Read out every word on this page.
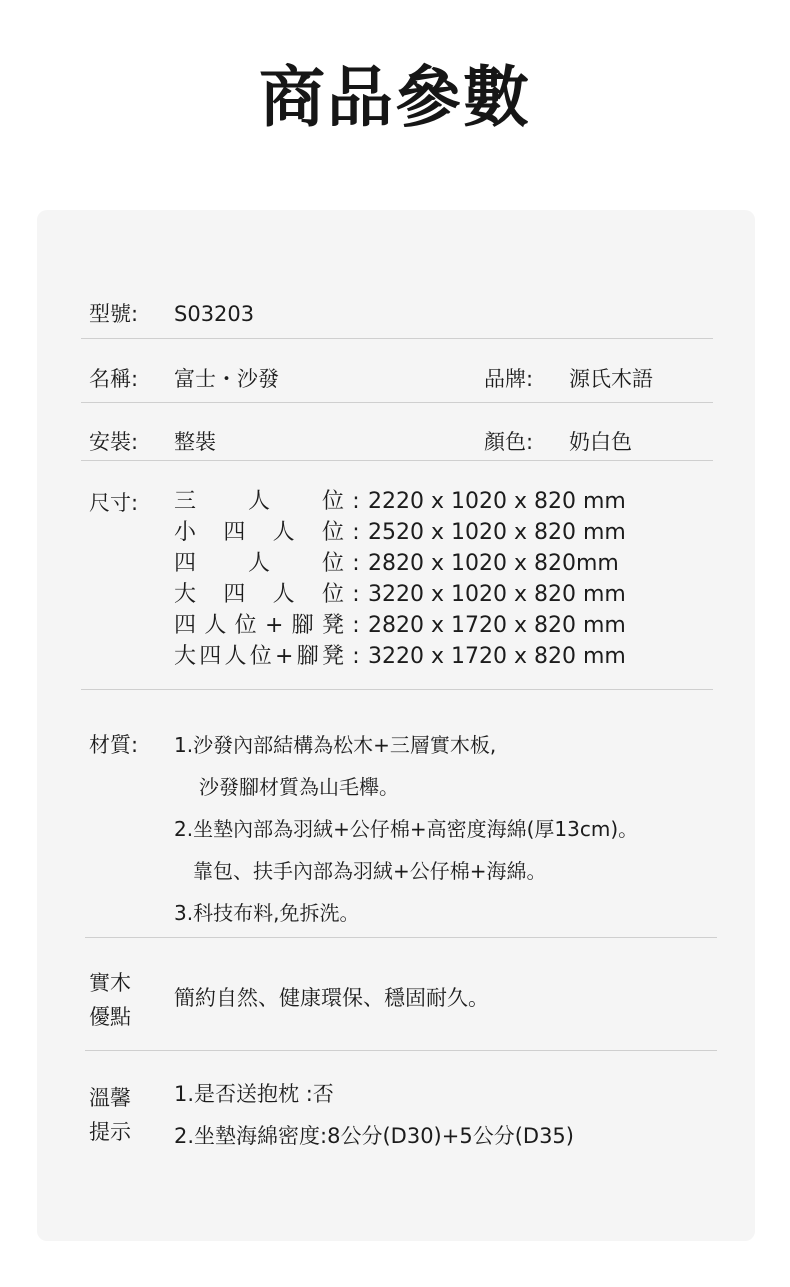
商品參數
型號: S03203
名稱: 富士・沙發	品牌: 源氏木語
安裝: 整裝	顏色: 奶白色
尺寸: 三人位 : 2220 x 1020 x 820 mm
小四人位 : 2520 x 1020 x 820 mm
四人位 : 2820 x 1020 x 820mm
大四人位 : 3220 x 1020 x 820 mm
四人位+腳凳 : 2820 x 1720 x 820 mm
大四人位+腳凳 : 3220 x 1720 x 820 mm
材質: 1.沙發內部結構為松木+三層實木板,
沙發腳材質為山毛櫸。
2.坐墊內部為羽絨+公仔棉+高密度海綿(厚13cm)。
靠包、扶手內部為羽絨+公仔棉+海綿。
3.科技布料,免拆洗。
實木
優點
簡約自然、健康環保、穩固耐久。
溫馨
提示
1.是否送抱枕 :否
2.坐墊海綿密度:8公分(D30)+5公分(D35)
